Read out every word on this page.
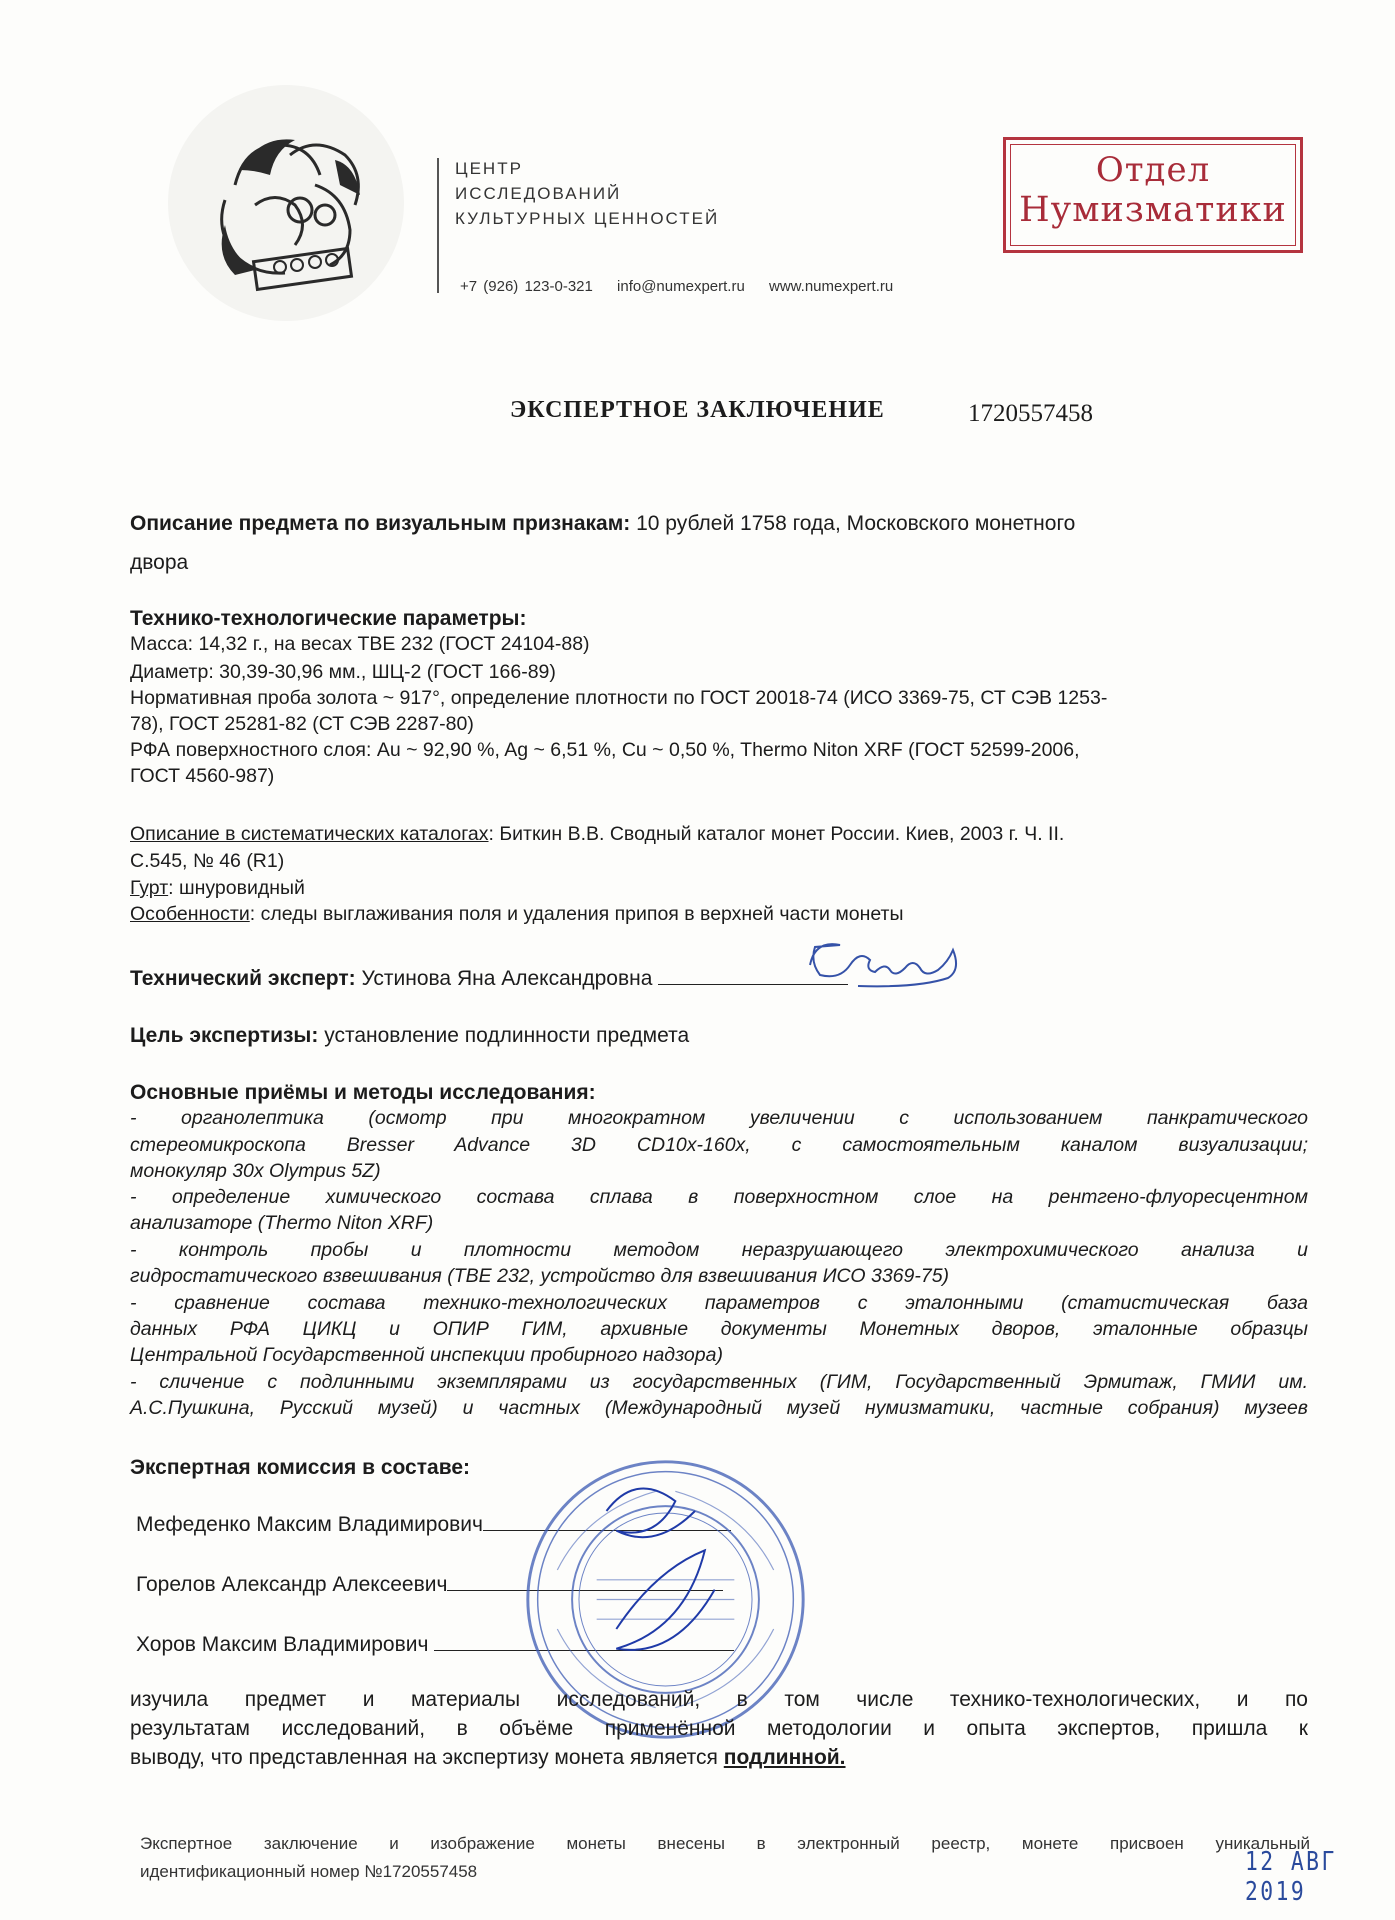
ЦЕНТР
ИССЛЕДОВАНИЙ
КУЛЬТУРНЫХ ЦЕННОСТЕЙ
+7 (926) 123-0-321 info@numexpert.ru www.numexpert.ru
Отдел
Нумизматики
ЭКСПЕРТНОЕ ЗАКЛЮЧЕНИЕ	1720557458
Описание предмета по визуальным признакам: 10 рублей 1758 года, Московского монетного
двора
Технико-технологические параметры:
Масса: 14,32 г., на весах ТВЕ 232 (ГОСТ 24104-88)
Диаметр: 30,39-30,96 мм., ШЦ-2 (ГОСТ 166-89)
Нормативная проба золота ~ 917°, определение плотности по ГОСТ 20018-74 (ИСО 3369-75, СТ СЭВ 1253-
78), ГОСТ 25281-82 (СТ СЭВ 2287-80)
РФА поверхностного слоя: Au ~ 92,90 %, Ag ~ 6,51 %, Cu ~ 0,50 %, Thermo Niton XRF (ГОСТ 52599-2006,
ГОСТ 4560-987)
Описание в систематических каталогах: Биткин В.В. Сводный каталог монет России. Киев, 2003 г. Ч. II.
С.545, № 46 (R1)
Гурт: шнуровидный
Особенности: следы выглаживания поля и удаления припоя в верхней части монеты
Технический эксперт: Устинова Яна Александровна
Цель экспертизы: установление подлинности предмета
Основные приёмы и методы исследования:
- органолептика (осмотр при многократном увеличении с использованием панкратического
стереомикроскопа Bresser Advance 3D CD10x-160x, с самостоятельным каналом визуализации;
монокуляр 30x Olympus 5Z)
- определение химического состава сплава в поверхностном слое на рентгено-флуоресцентном
анализаторе (Thermo Niton XRF)
- контроль пробы и плотности методом неразрушающего электрохимического анализа и
гидростатического взвешивания (ТВЕ 232, устройство для взвешивания ИСО 3369-75)
- сравнение состава технико-технологических параметров с эталонными (статистическая база
данных РФА ЦИКЦ и ОПИР ГИМ, архивные документы Монетных дворов, эталонные образцы
Центральной Государственной инспекции пробирного надзора)
- сличение с подлинными экземплярами из государственных (ГИМ, Государственный Эрмитаж, ГМИИ им.
А.С.Пушкина, Русский музей) и частных (Международный музей нумизматики, частные собрания) музеев
Экспертная комиссия в составе:
Мефеденко Максим Владимирович
Горелов Александр Алексеевич
Хоров Максим Владимирович
изучила предмет и материалы исследований, в том числе технико-технологических, и по
результатам исследований, в объёме применённой методологии и опыта экспертов, пришла к
выводу, что представленная на экспертизу монета является подлинной.
Экспертное заключение и изображение монеты внесены в электронный реестр, монете присвоен уникальный
идентификационный номер №1720557458	12 АВГ 2019
